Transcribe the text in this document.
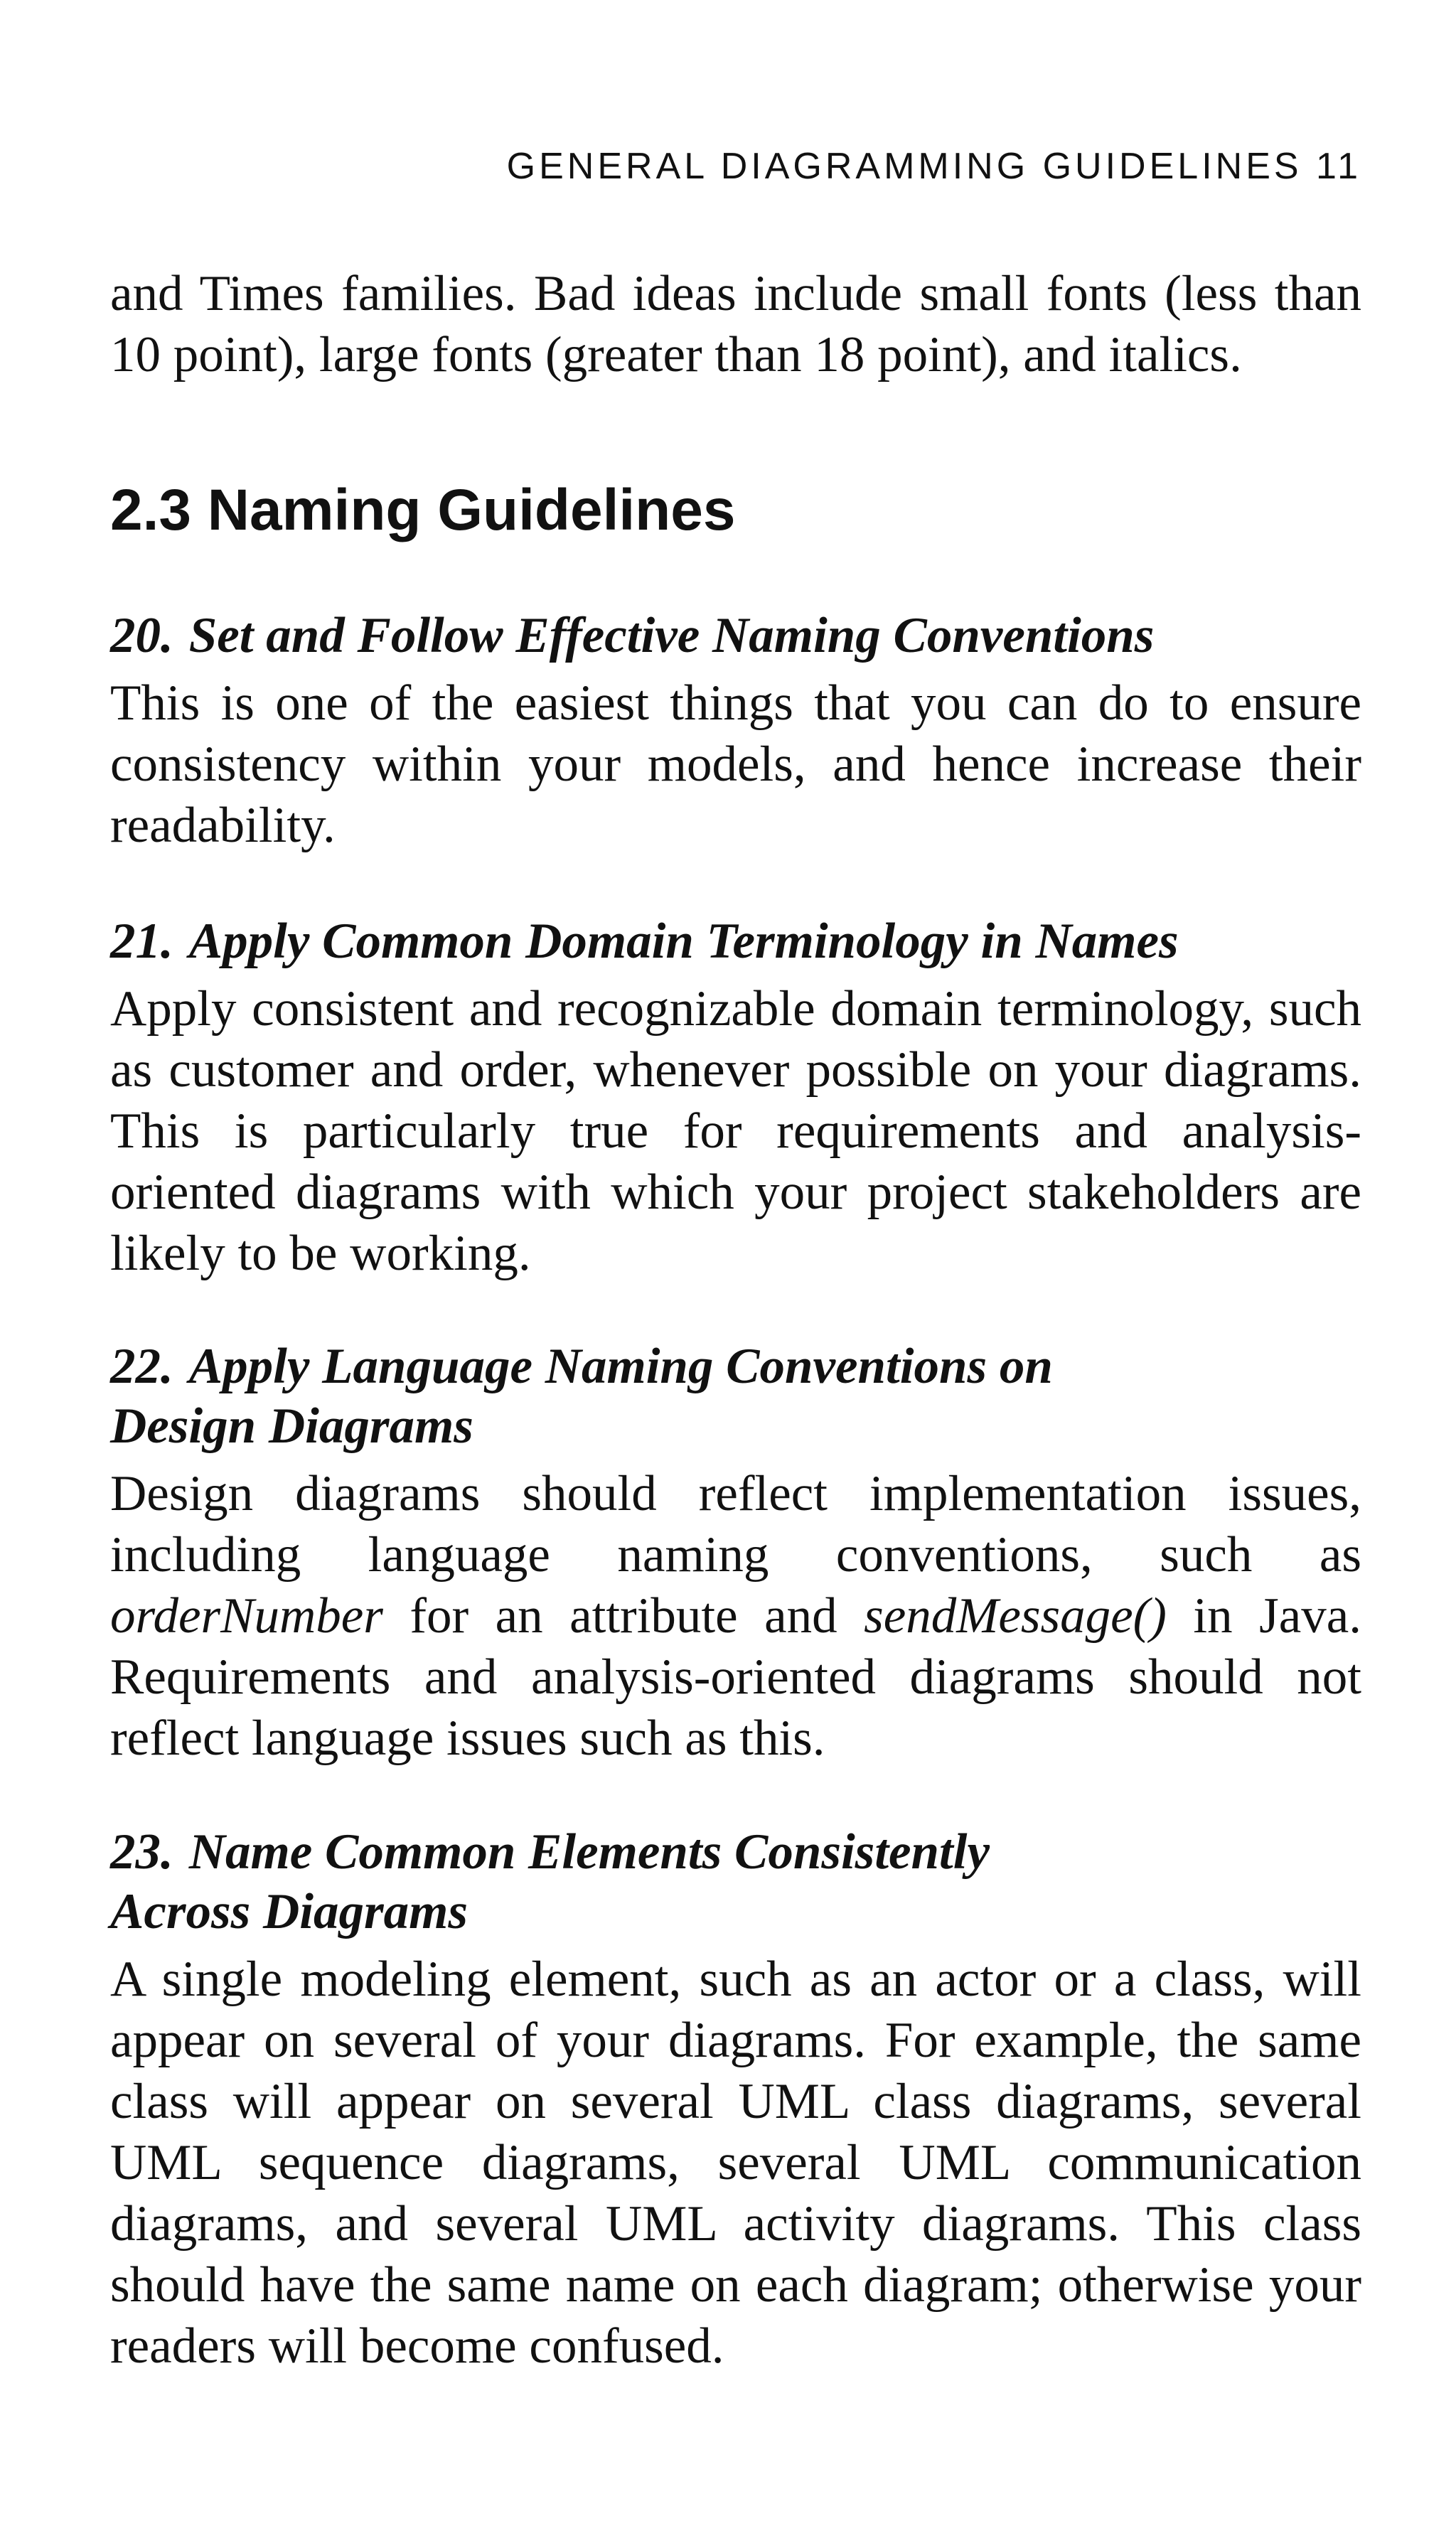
GENERAL DIAGRAMMING GUIDELINES 11

and Times families. Bad ideas include small fonts (less than 10 point), large fonts (greater than 18 point), and italics.

2.3 Naming Guidelines
20. Set and Follow Effective Naming Conventions

This is one of the easiest things that you can do to ensure consistency within your models, and hence increase their readability.

21. Apply Common Domain Terminology in Names

Apply consistent and recognizable domain terminology, such as customer and order, whenever possible on your diagrams. This is particularly true for requirements and analysis-oriented diagrams with which your project stakeholders are likely to be working.

22. Apply Language Naming Conventions on
Design Diagrams

Design diagrams should reflect implementation issues, including language naming conventions, such as orderNumber for an attribute and sendMessage() in Java. Requirements and analysis-oriented diagrams should not reflect language issues such as this.

23. Name Common Elements Consistently
Across Diagrams

A single modeling element, such as an actor or a class, will appear on several of your diagrams. For example, the same class will appear on several UML class diagrams, several UML sequence diagrams, several UML communication diagrams, and several UML activity diagrams. This class should have the same name on each diagram; otherwise your readers will become confused.
